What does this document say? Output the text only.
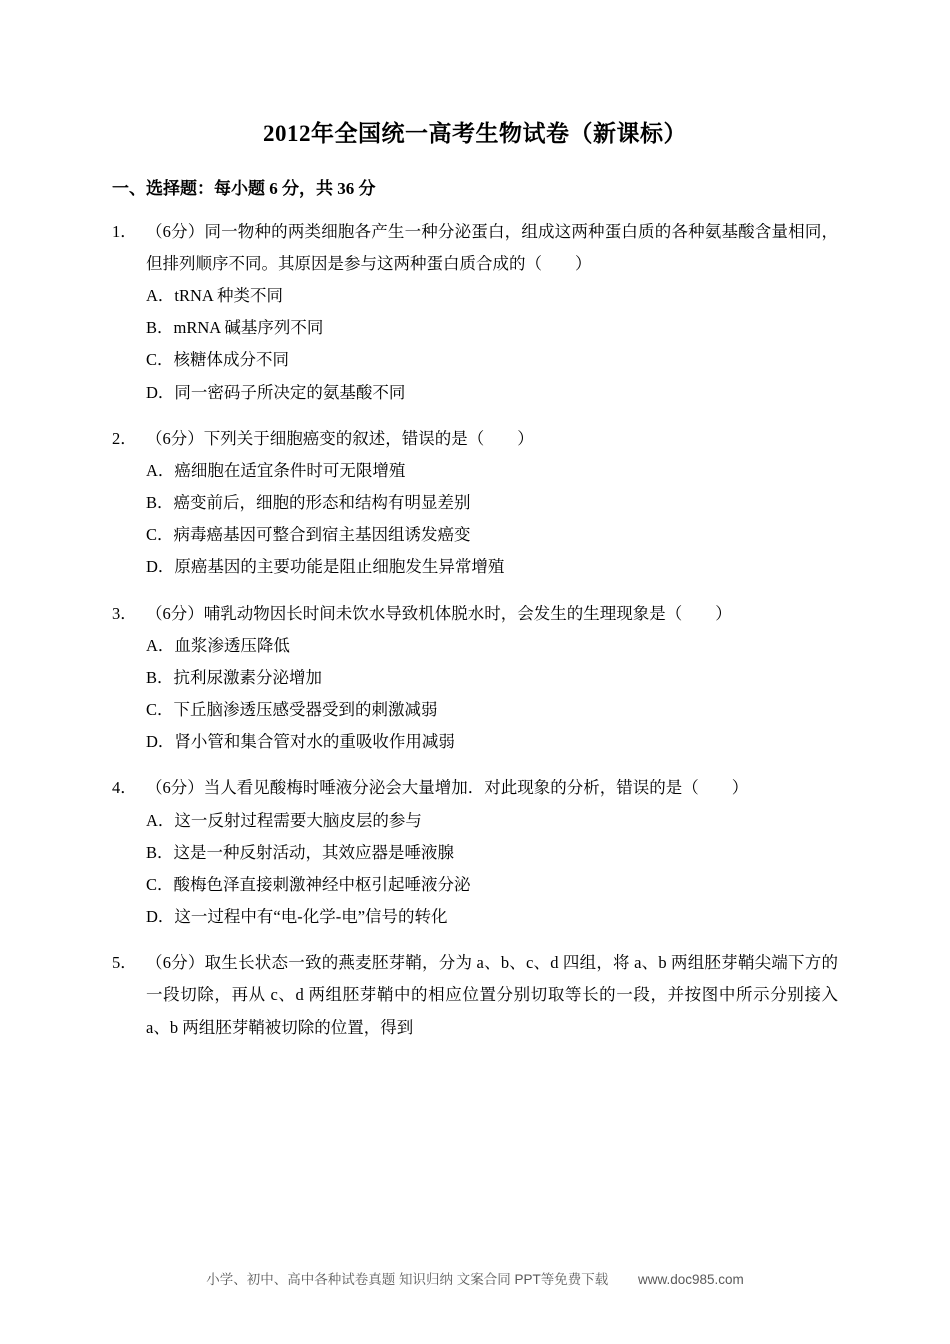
2012年全国统一高考生物试卷（新课标）
一、选择题：每小题 6 分，共 36 分
1． （6分）同一物种的两类细胞各产生一种分泌蛋白，组成这两种蛋白质的各种氨基酸含量相同，但排列顺序不同。其原因是参与这两种蛋白质合成的（　　）
A．tRNA 种类不同
B．mRNA 碱基序列不同
C．核糖体成分不同
D．同一密码子所决定的氨基酸不同
2． （6分）下列关于细胞癌变的叙述，错误的是（　　）
A．癌细胞在适宜条件时可无限增殖
B．癌变前后，细胞的形态和结构有明显差别
C．病毒癌基因可整合到宿主基因组诱发癌变
D．原癌基因的主要功能是阻止细胞发生异常增殖
3． （6分）哺乳动物因长时间未饮水导致机体脱水时，会发生的生理现象是（　　）
A．血浆渗透压降低
B．抗利尿激素分泌增加
C．下丘脑渗透压感受器受到的刺激减弱
D．肾小管和集合管对水的重吸收作用减弱
4． （6分）当人看见酸梅时唾液分泌会大量增加．对此现象的分析，错误的是（　　）
A．这一反射过程需要大脑皮层的参与
B．这是一种反射活动，其效应器是唾液腺
C．酸梅色泽直接刺激神经中枢引起唾液分泌
D．这一过程中有“电‑化学‑电”信号的转化
5． （6分）取生长状态一致的燕麦胚芽鞘，分为 a、b、c、d 四组，将 a、b 两组胚芽鞘尖端下方的一段切除，再从 c、d 两组胚芽鞘中的相应位置分别切取等长的一段，并按图中所示分别接入 a、b 两组胚芽鞘被切除的位置，得到
小学、初中、高中各种试卷真题 知识归纳 文案合同 PPT等免费下载 www.doc985.com
